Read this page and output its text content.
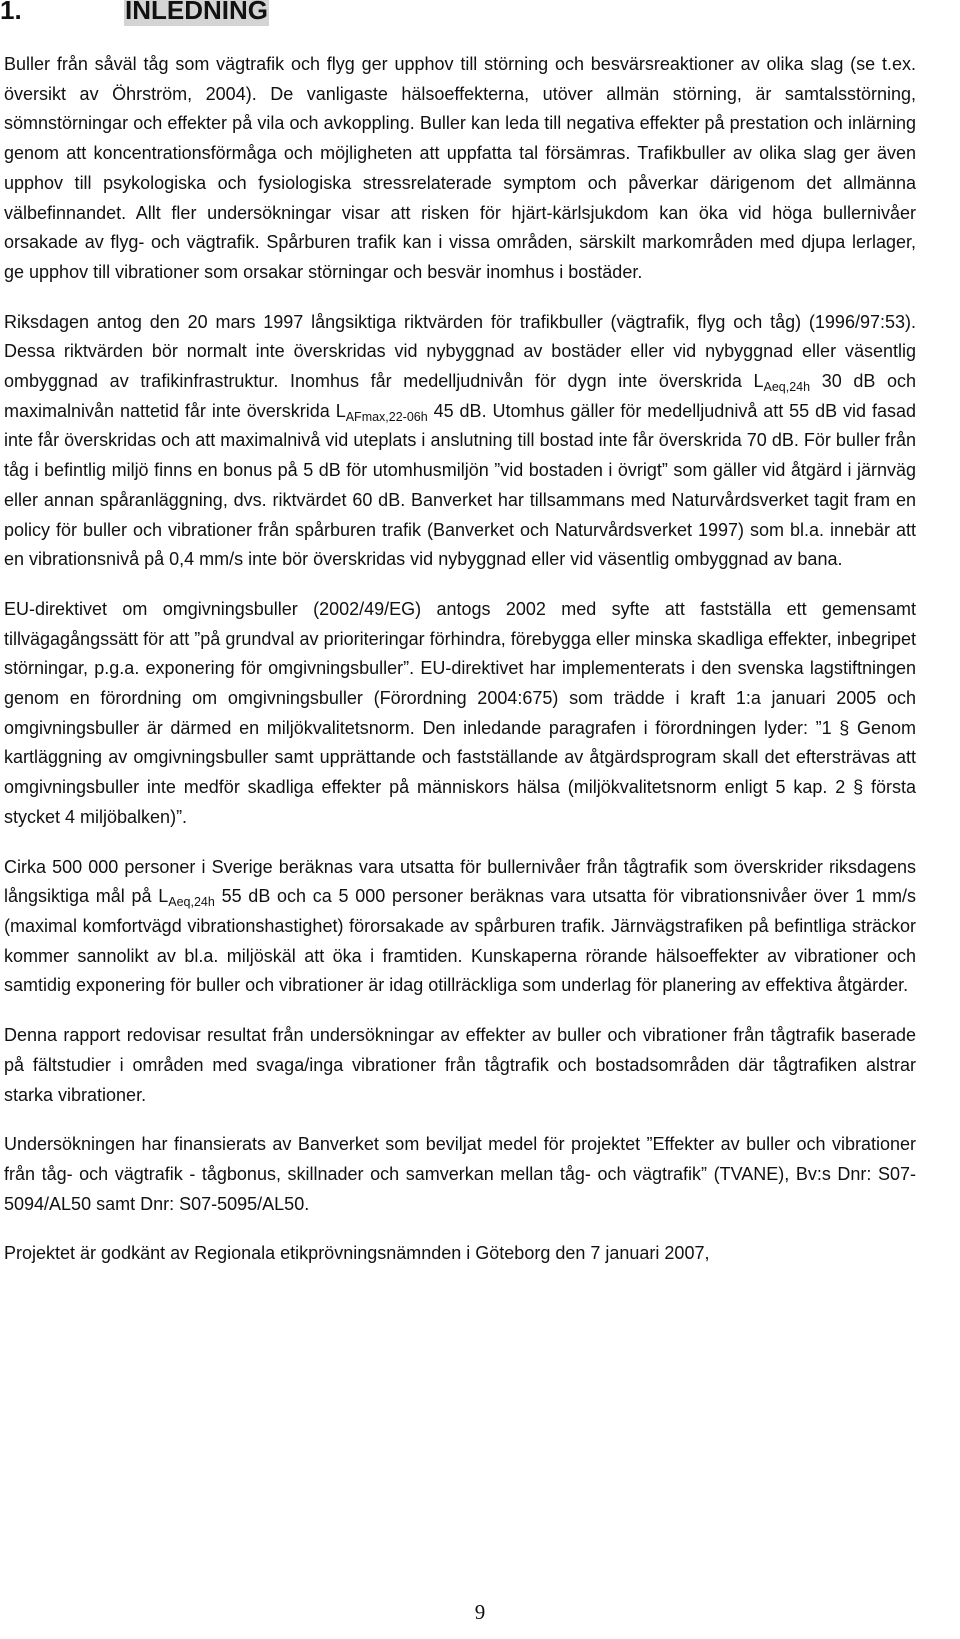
1.	INLEDNING

Buller från såväl tåg som vägtrafik och flyg ger upphov till störning och besvärsreaktioner av olika slag (se t.ex. översikt av Öhrström, 2004). De vanligaste hälsoeffekterna, utöver allmän störning, är samtalsstörning, sömnstörningar och effekter på vila och avkoppling. Buller kan leda till negativa effekter på prestation och inlärning genom att koncentrationsförmåga och möjligheten att uppfatta tal försämras. Trafikbuller av olika slag ger även upphov till psykologiska och fysiologiska stressrelaterade symptom och påverkar därigenom det allmänna välbefinnandet. Allt fler undersökningar visar att risken för hjärt-kärlsjukdom kan öka vid höga bullernivåer orsakade av flyg- och vägtrafik. Spårburen trafik kan i vissa områden, särskilt markområden med djupa lerlager, ge upphov till vibrationer som orsakar störningar och besvär inomhus i bostäder.

Riksdagen antog den 20 mars 1997 långsiktiga riktvärden för trafikbuller (vägtrafik, flyg och tåg) (1996/97:53). Dessa riktvärden bör normalt inte överskridas vid nybyggnad av bostäder eller vid nybyggnad eller väsentlig ombyggnad av trafikinfrastruktur. Inomhus får medelljudnivån för dygn inte överskrida $L_{Aeq,24h}$ 30 dB och maximalnivån nattetid får inte överskrida $L_{AFmax,22-06h}$ 45 dB. Utomhus gäller för medelljudnivå att 55 dB vid fasad inte får överskridas och att maximalnivå vid uteplats i anslutning till bostad inte får överskrida 70 dB. För buller från tåg i befintlig miljö finns en bonus på 5 dB för utomhusmiljön ”vid bostaden i övrigt” som gäller vid åtgärd i järnväg eller annan spåranläggning, dvs. riktvärdet 60 dB. Banverket har tillsammans med Naturvårdsverket tagit fram en policy för buller och vibrationer från spårburen trafik (Banverket och Naturvårdsverket 1997) som bl.a. innebär att en vibrationsnivå på 0,4 mm/s inte bör överskridas vid nybyggnad eller vid väsentlig ombyggnad av bana.

EU-direktivet om omgivningsbuller (2002/49/EG) antogs 2002 med syfte att fastställa ett gemensamt tillvägagångssätt för att ”på grundval av prioriteringar förhindra, förebygga eller minska skadliga effekter, inbegripet störningar, p.g.a. exponering för omgivningsbuller”. EU-direktivet har implementerats i den svenska lagstiftningen genom en förordning om omgivningsbuller (Förordning 2004:675) som trädde i kraft 1:a januari 2005 och omgivningsbuller är därmed en miljökvalitetsnorm. Den inledande paragrafen i förordningen lyder: ”1 § Genom kartläggning av omgivningsbuller samt upprättande och fastställande av åtgärdsprogram skall det eftersträvas att omgivningsbuller inte medför skadliga effekter på människors hälsa (miljökvalitetsnorm enligt 5 kap. 2 § första stycket 4 miljöbalken)”.

Cirka 500 000 personer i Sverige beräknas vara utsatta för bullernivåer från tågtrafik som överskrider riksdagens långsiktiga mål på $L_{Aeq,24h}$ 55 dB och ca 5 000 personer beräknas vara utsatta för vibrationsnivåer över 1 mm/s (maximal komfortvägd vibrationshastighet) förorsakade av spårburen trafik. Järnvägstrafiken på befintliga sträckor kommer sannolikt av bl.a. miljöskäl att öka i framtiden. Kunskaperna rörande hälsoeffekter av vibrationer och samtidig exponering för buller och vibrationer är idag otillräckliga som underlag för planering av effektiva åtgärder.

Denna rapport redovisar resultat från undersökningar av effekter av buller och vibrationer från tågtrafik baserade på fältstudier i områden med svaga/inga vibrationer från tågtrafik och bostadsområden där tågtrafiken alstrar starka vibrationer.

Undersökningen har finansierats av Banverket som beviljat medel för projektet ”Effekter av buller och vibrationer från tåg- och vägtrafik - tågbonus, skillnader och samverkan mellan tåg- och vägtrafik” (TVANE), Bv:s Dnr: S07-5094/AL50 samt Dnr: S07-5095/AL50.

Projektet är godkänt av Regionala etikprövningsnämnden i Göteborg den 7 januari 2007,

9
